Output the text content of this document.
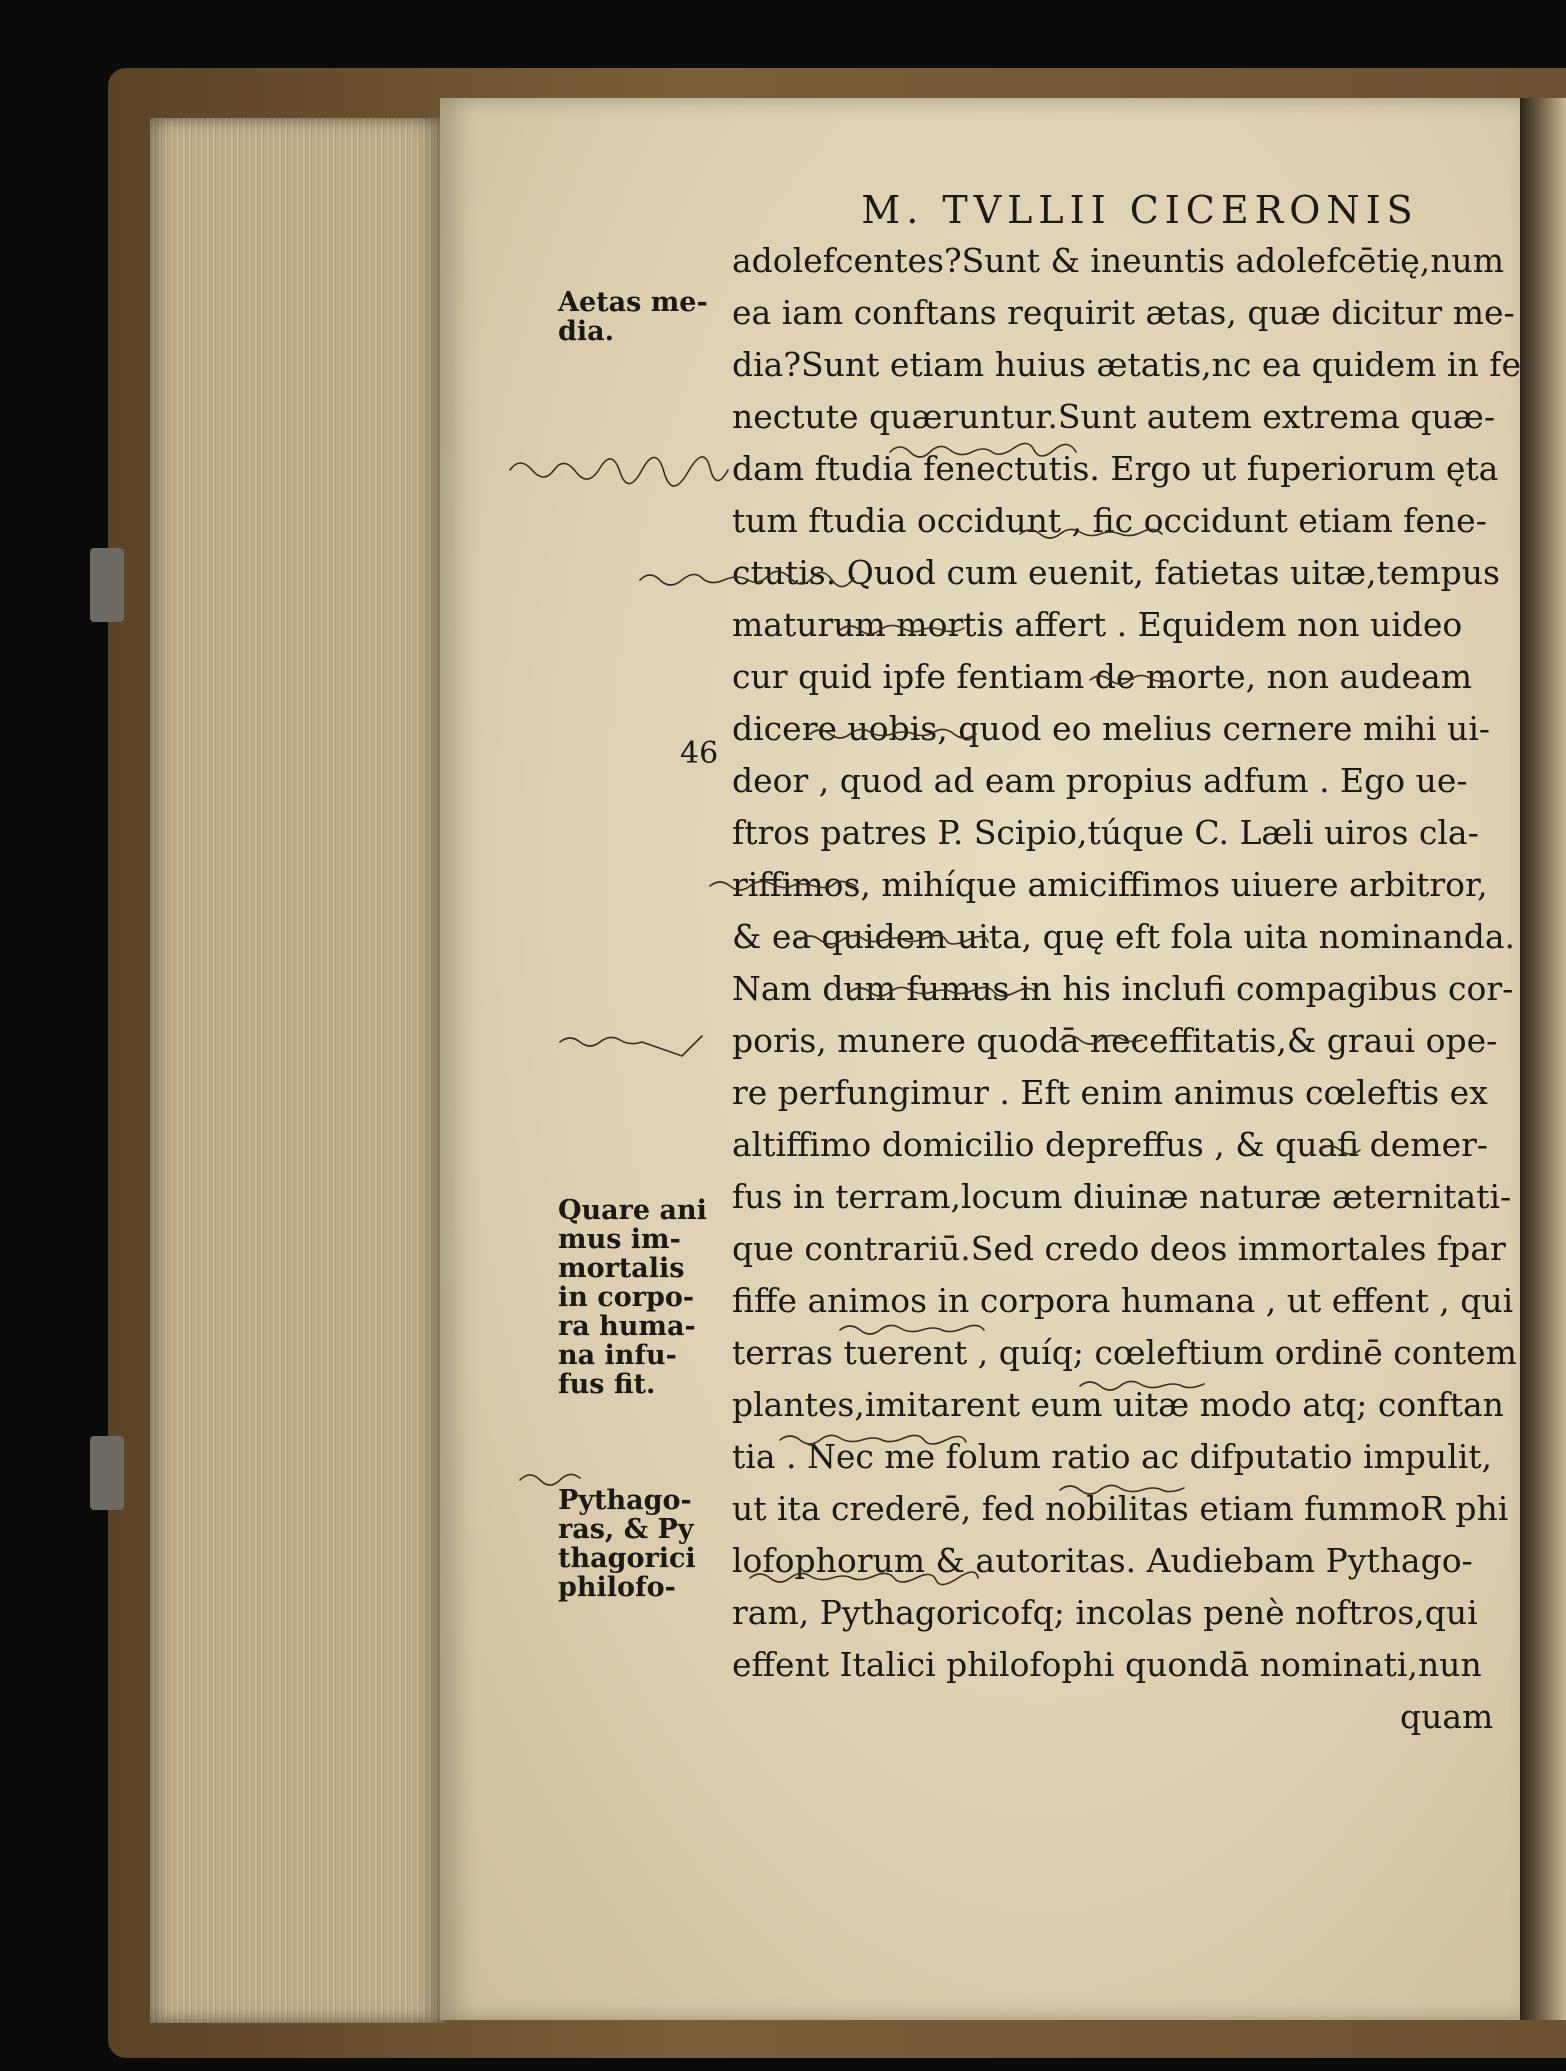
M. TVLLII CICERONIS
46
adolefcentes?Sunt & ineuntis adolefcētię,num
ea iam conftans requirit ætas, quæ dicitur me-
dia?Sunt etiam huius ætatis,nc ea quidem in fe
nectute quæruntur.Sunt autem extrema quæ-
dam ftudia fenectutis. Ergo ut fuperiorum ęta
tum ftudia occidunt , fic occidunt etiam fene-
ctutis. Quod cum euenit, fatietas uitæ,tempus
maturum mortis affert . Equidem non uideo
cur quid ipfe fentiam de morte, non audeam
dicere uobis, quod eo melius cernere mihi ui-
deor , quod ad eam propius adfum . Ego ue-
ftros patres P. Scipio,túque C. Læli uiros cla-
riffimos, mihíque amiciffimos uiuere arbitror,
& ea quidem uita, quę eft fola uita nominanda.
Nam dum fumus in his inclufi compagibus cor-
poris, munere quodā neceffitatis,& graui ope-
re perfungimur . Eft enim animus cœleftis ex
altiffimo domicilio depreffus , & quafi demer-
fus in terram,locum diuinæ naturæ æternitati-
que contrariū.Sed credo deos immortales fpar
fiffe animos in corpora humana , ut effent , qui
terras tuerent , quíq; cœleftium ordinē contem
plantes,imitarent eum uitæ modo atq; conftan
tia . Nec me folum ratio ac difputatio impulit,
ut ita crederē, fed nobilitas etiam fummoR phi
lofophorum & autoritas. Audiebam Pythago-
ram, Pythagoricofq; incolas penè noftros,qui
effent Italici philofophi quondā nominati,nun
quam
Aetas me-
dia.
Quare ani
mus im-
mortalis
in corpo-
ra huma-
na infu-
fus fit.
Pythago-
ras, & Py
thagorici
philofo-
